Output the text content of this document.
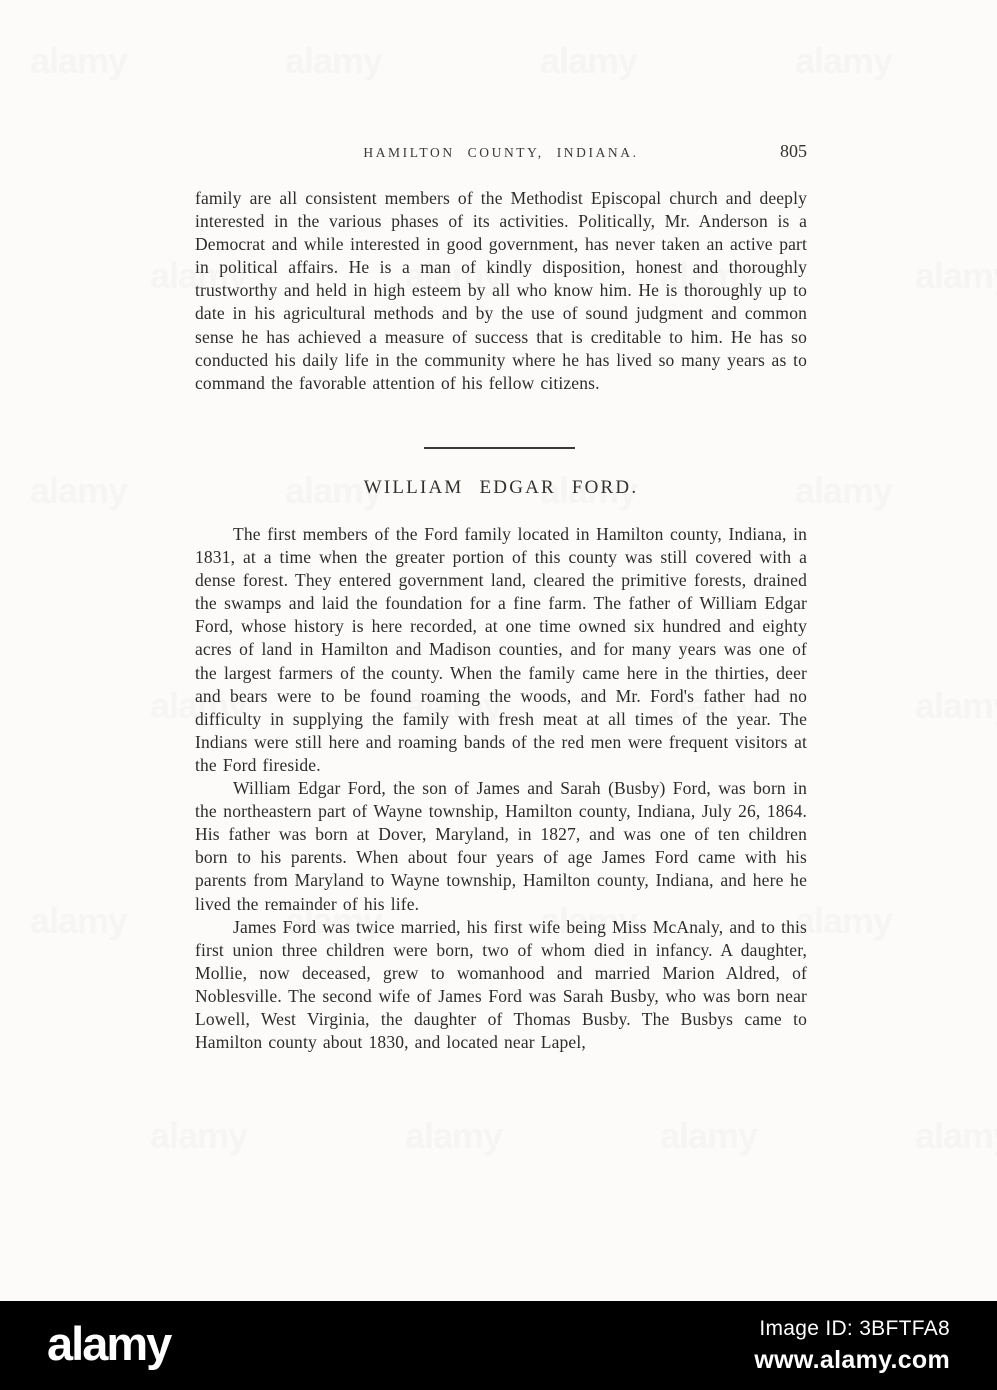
HAMILTON COUNTY, INDIANA.	805
family are all consistent members of the Methodist Episcopal church and deeply interested in the various phases of its activities. Politically, Mr. Anderson is a Democrat and while interested in good government, has never taken an active part in political affairs. He is a man of kindly disposition, honest and thoroughly trustworthy and held in high esteem by all who know him. He is thoroughly up to date in his agricultural methods and by the use of sound judgment and common sense he has achieved a measure of success that is creditable to him. He has so conducted his daily life in the community where he has lived so many years as to command the favorable attention of his fellow citizens.
WILLIAM EDGAR FORD.

The first members of the Ford family located in Hamilton county, Indiana, in 1831, at a time when the greater portion of this county was still covered with a dense forest. They entered government land, cleared the primitive forests, drained the swamps and laid the foundation for a fine farm. The father of William Edgar Ford, whose history is here recorded, at one time owned six hundred and eighty acres of land in Hamilton and Madison counties, and for many years was one of the largest farmers of the county. When the family came here in the thirties, deer and bears were to be found roaming the woods, and Mr. Ford's father had no difficulty in supplying the family with fresh meat at all times of the year. The Indians were still here and roaming bands of the red men were frequent visitors at the Ford fireside.

William Edgar Ford, the son of James and Sarah (Busby) Ford, was born in the northeastern part of Wayne township, Hamilton county, Indiana, July 26, 1864. His father was born at Dover, Maryland, in 1827, and was one of ten children born to his parents. When about four years of age James Ford came with his parents from Maryland to Wayne township, Hamilton county, Indiana, and here he lived the remainder of his life.

James Ford was twice married, his first wife being Miss McAnaly, and to this first union three children were born, two of whom died in infancy. A daughter, Mollie, now deceased, grew to womanhood and married Marion Aldred, of Noblesville. The second wife of James Ford was Sarah Busby, who was born near Lowell, West Virginia, the daughter of Thomas Busby. The Busbys came to Hamilton county about 1830, and located near Lapel,

alamy	Image ID: 3BFTFA8
www.alamy.com
